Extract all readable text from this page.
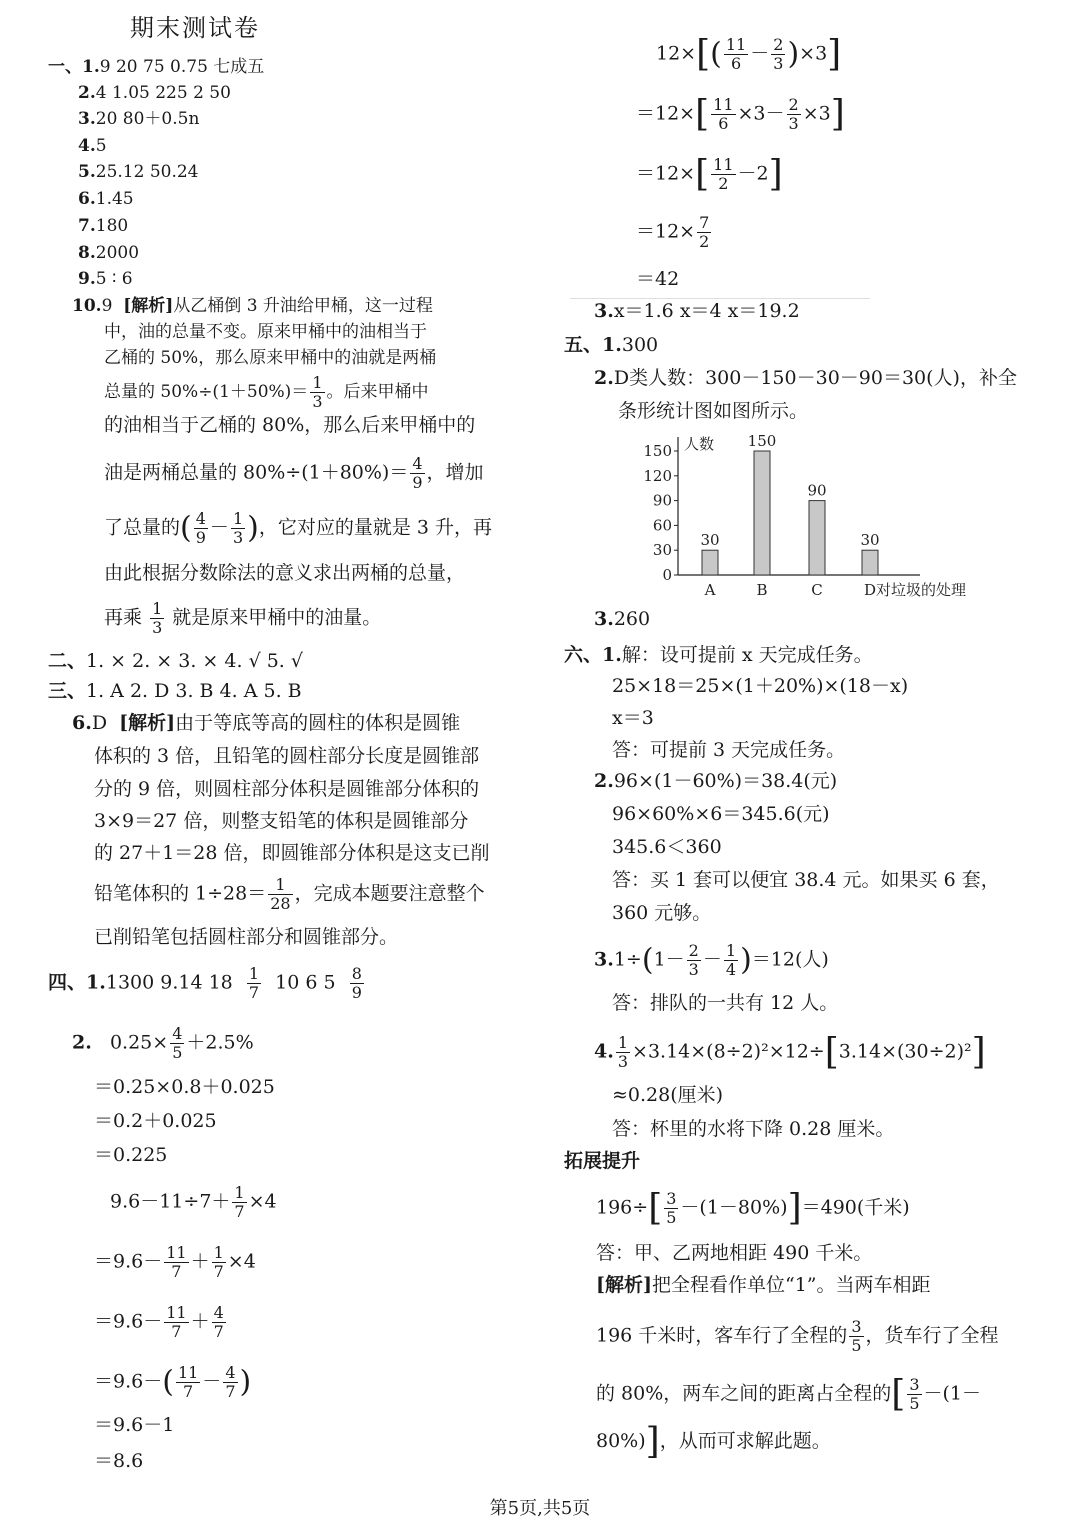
期末测试卷
一、1.9 20 75 0.75 七成五
2.4 1.05 225 2 50
3.20 80＋0.5n
4.5
5.25.12 50.24
6.1.45
7.180
8.2000
9.5 ∶ 6
10.9 [解析]从乙桶倒 3 升油给甲桶，这一过程
中，油的总量不变。原来甲桶中的油相当于
乙桶的 50%，那么原来甲桶中的油就是两桶
总量的 $50\%\div(1+50\%)= \frac{1}{3}$ 。后来甲桶中
的油相当于乙桶的 80%，那么后来甲桶中的
油是两桶总量的 $80\%\div(1+80\%)= \frac{4}{9}$ ，增加
了总量的( $\frac{4}{9} - \frac{1}{3}$ )，它对应的量就是 3 升，再
由此根据分数除法的意义求出两桶的总量，
再乘 $\frac{1}{3}$ 就是原来甲桶中的油量。
二、1. × 2. × 3. × 4. √ 5. √
三、1. A 2. D 3. B 4. A 5. B
6.D [解析]由于等底等高的圆柱的体积是圆锥
体积的 3 倍，且铅笔的圆柱部分长度是圆锥部
分的 9 倍，则圆柱部分体积是圆锥部分体积的
3×9＝27 倍，则整支铅笔的体积是圆锥部分
的 27＋1＝28 倍，即圆锥部分体积是这支已削
铅笔体积的 $1\div 28= \frac{1}{28}$ ，完成本题要注意整个
已削铅笔包括圆柱部分和圆锥部分。
四、1.1300 9.14 $18 \frac{1}{7} 10$ 6 $5 \frac{8}{9}$
2. $0.25\times \frac{4}{5} +2.5\%$
＝0.25×0.8＋0.025
＝0.2＋0.025
＝0.225
$9.6-11\div 7+ \frac{1}{7} \times 4$
$=9.6- \frac{11}{7} + \frac{1}{7} \times 4$
$=9.6- \frac{11}{7} + \frac{4}{7}$
$=9.6-( \frac{11}{7} - \frac{4}{7}$ )
＝9.6－1
＝8.6
$12\times[( \frac{11}{6} - \frac{2}{3} )\times 3]$
$=12\times[ \frac{11}{6} \times 3- \frac{2}{3} \times 3]$
$=12\times[ \frac{11}{2} -2]$
$=12\times \frac{7}{2}$
＝42
3.x＝1.6 x＝4 x＝19.2
五、1.300
2.D类人数：300－150－30－90＝30(人)，补全
条形统计图如图所示。
人数
0
30
60
90
120
150
D对垃圾的处理
30
A
150
B
90
C
30
3.260
六、1.解：设可提前 x 天完成任务。
25×18＝25×(1＋20%)×(18－x)
x＝3
答：可提前 3 天完成任务。
2.96×(1－60%)＝38.4(元)
96×60%×6＝345.6(元)
345.6＜360
答：买 1 套可以便宜 38.4 元。如果买 6 套，
360 元够。
$3.1\div(1- \frac{2}{3} - \frac{1}{4} )=12$(人)
答：排队的一共有 12 人。
4. $\frac{1}{3} \times 3.14\times(8\div 2)^2\times 12\div[3.14\times(30\div 2)^2]$
≈0.28(厘米)
答：杯里的水将下降 0.28 厘米。
拓展提升
$196\div[ \frac{3}{5} -(1-80\%)]=490$(千米)
答：甲、乙两地相距 490 千米。
[解析]把全程看作单位“1”。当两车相距
196 千米时，客车行了全程的 $\frac{3}{5}$ ，货车行了全程
的 80%，两车之间的距离占全程的[ $\frac{3}{5} -(1-$
80%)]，从而可求解此题。
第5页,共5页
